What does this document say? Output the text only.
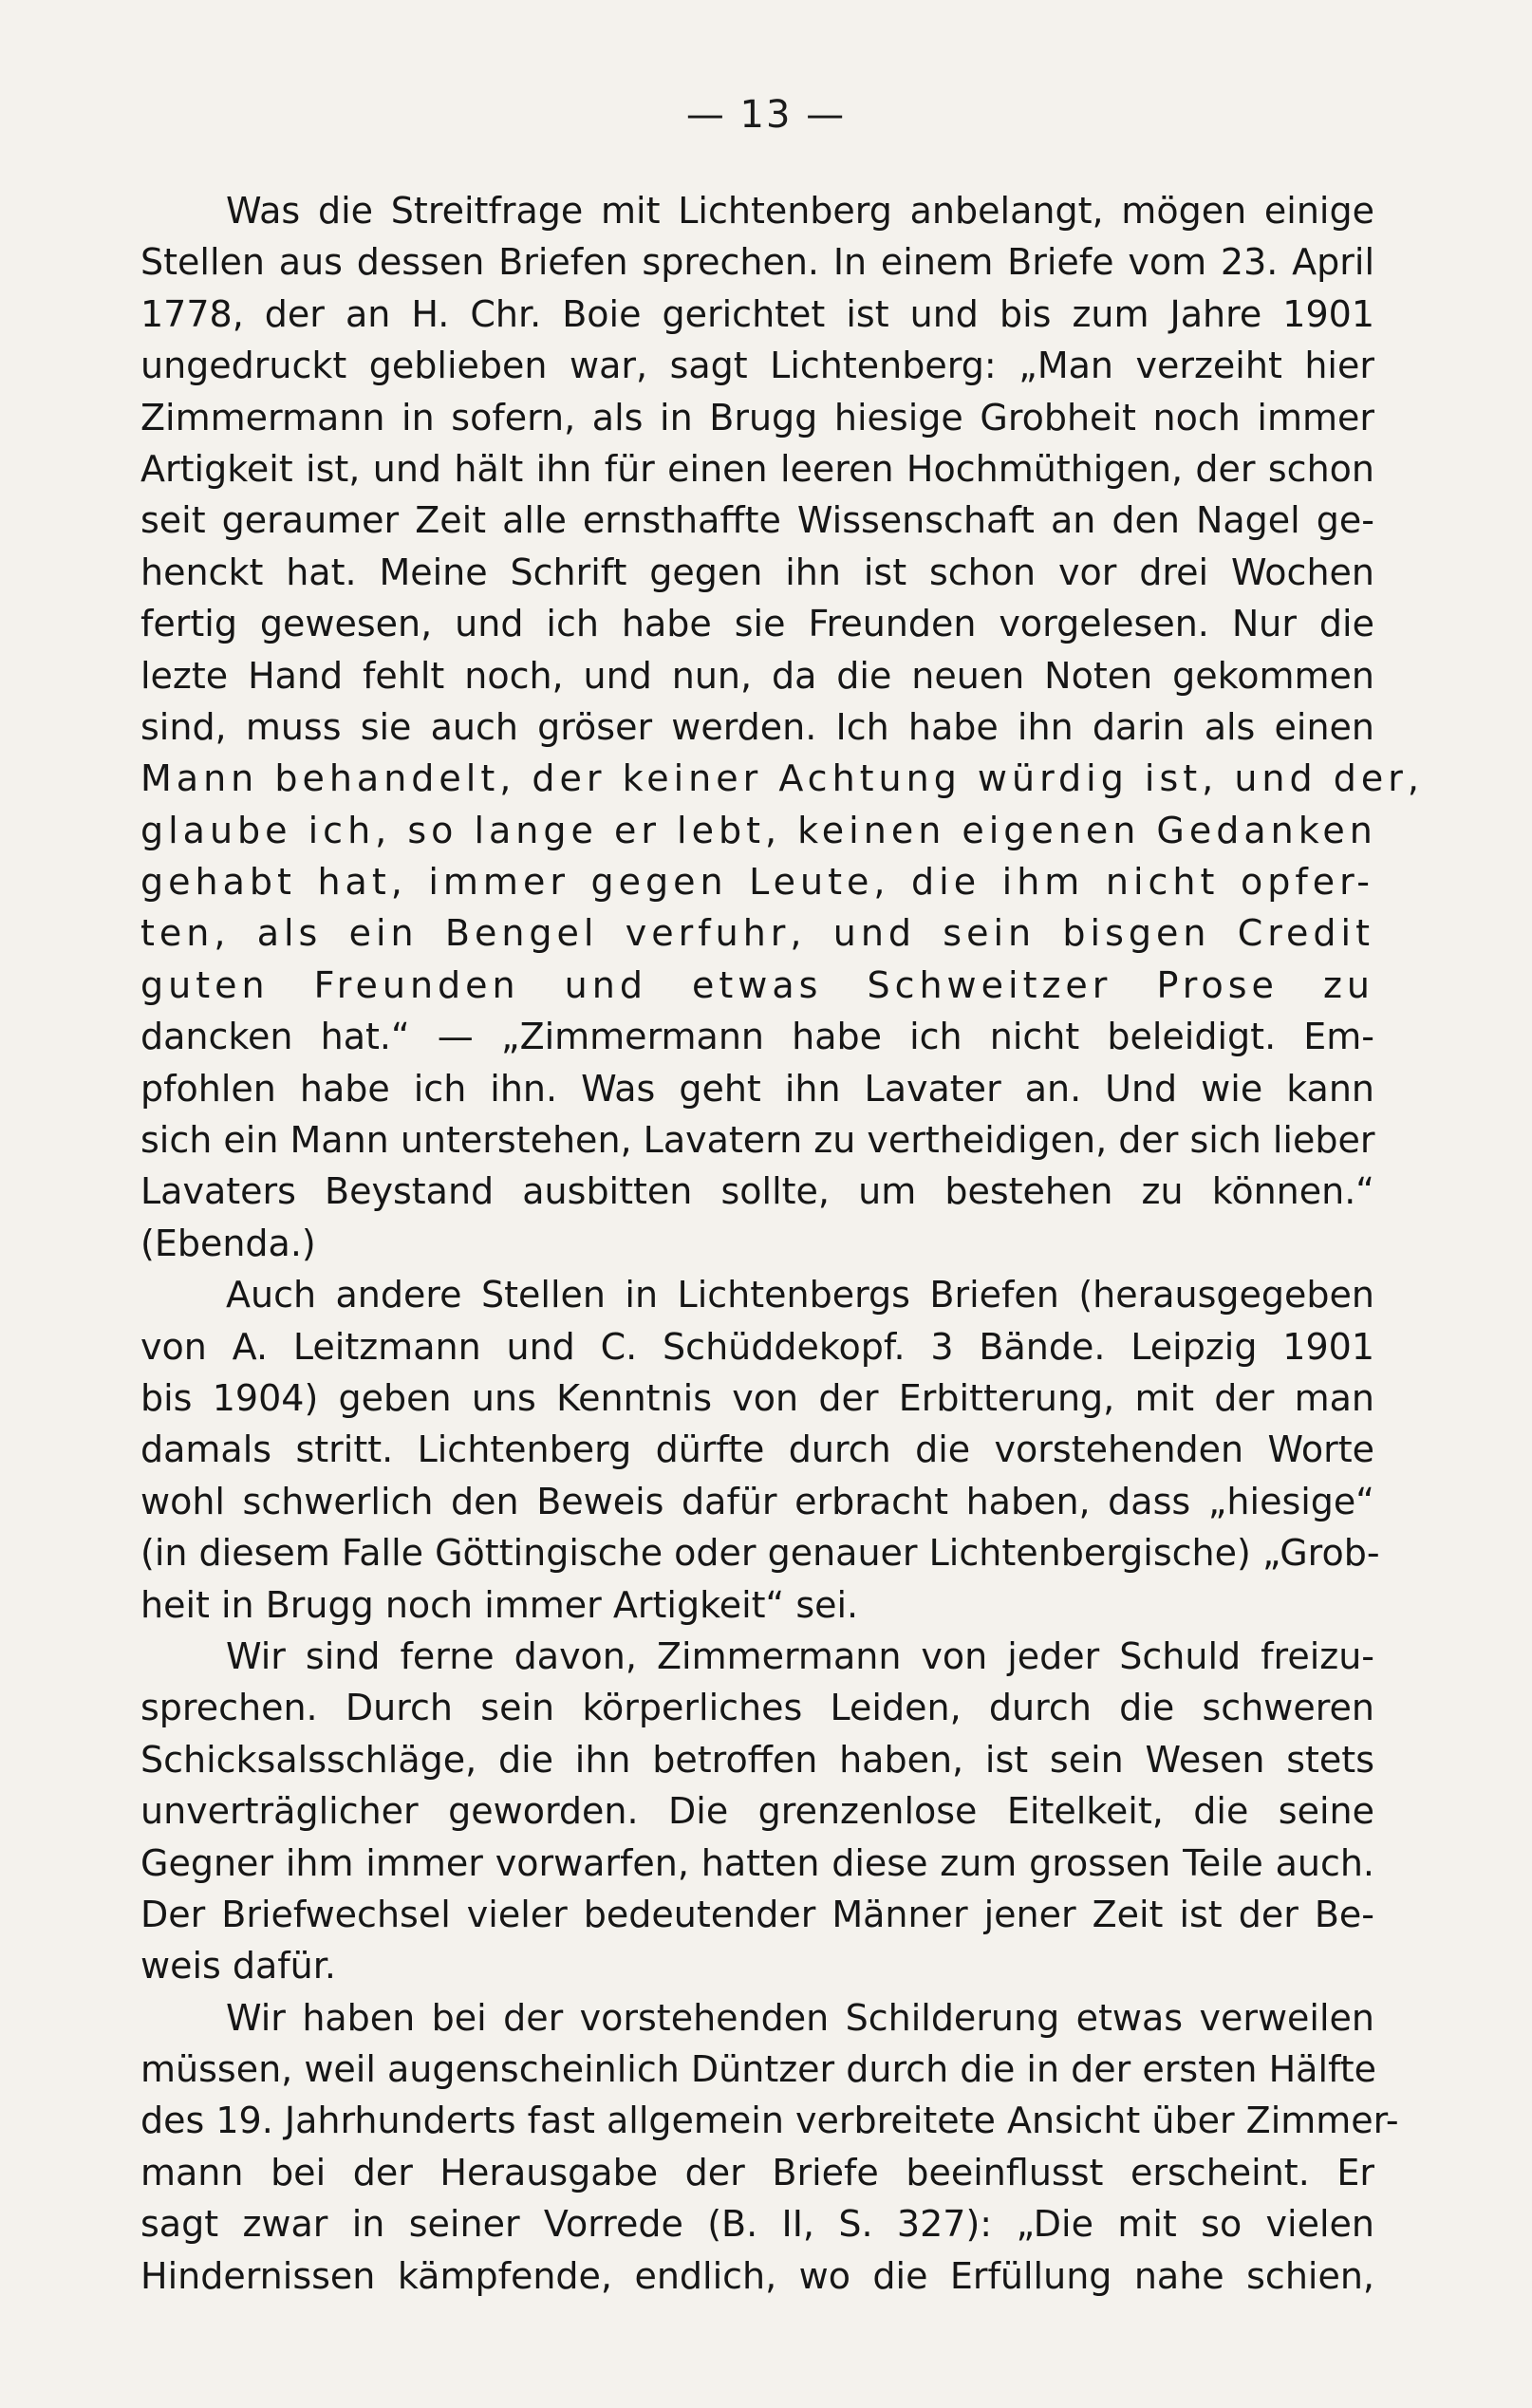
— 13 —
Was die Streitfrage mit Lichtenberg anbelangt, mögen einige
Stellen aus dessen Briefen sprechen. In einem Briefe vom 23. April
1778, der an H. Chr. Boie gerichtet ist und bis zum Jahre 1901
ungedruckt geblieben war, sagt Lichtenberg: „Man verzeiht hier
Zimmermann in sofern, als in Brugg hiesige Grobheit noch immer
Artigkeit ist, und hält ihn für einen leeren Hochmüthigen, der schon
seit geraumer Zeit alle ernsthaffte Wissenschaft an den Nagel ge-
henckt hat. Meine Schrift gegen ihn ist schon vor drei Wochen
fertig gewesen, und ich habe sie Freunden vorgelesen. Nur die
lezte Hand fehlt noch, und nun, da die neuen Noten gekommen
sind, muss sie auch gröser werden. Ich habe ihn darin als einen
Mann behandelt, der keiner Achtung würdig ist, und der,
glaube ich, so lange er lebt, keinen eigenen Gedanken
gehabt hat, immer gegen Leute, die ihm nicht opfer-
ten, als ein Bengel verfuhr, und sein bisgen Credit
guten Freunden und etwas Schweitzer Prose zu
dancken hat.“ — „Zimmermann habe ich nicht beleidigt. Em-
pfohlen habe ich ihn. Was geht ihn Lavater an. Und wie kann
sich ein Mann unterstehen, Lavatern zu vertheidigen, der sich lieber
Lavaters Beystand ausbitten sollte, um bestehen zu können.“
(Ebenda.)
Auch andere Stellen in Lichtenbergs Briefen (herausgegeben
von A. Leitzmann und C. Schüddekopf. 3 Bände. Leipzig 1901
bis 1904) geben uns Kenntnis von der Erbitterung, mit der man
damals stritt. Lichtenberg dürfte durch die vorstehenden Worte
wohl schwerlich den Beweis dafür erbracht haben, dass „hiesige“
(in diesem Falle Göttingische oder genauer Lichtenbergische) „Grob-
heit in Brugg noch immer Artigkeit“ sei.
Wir sind ferne davon, Zimmermann von jeder Schuld freizu-
sprechen. Durch sein körperliches Leiden, durch die schweren
Schicksalsschläge, die ihn betroffen haben, ist sein Wesen stets
unverträglicher geworden. Die grenzenlose Eitelkeit, die seine
Gegner ihm immer vorwarfen, hatten diese zum grossen Teile auch.
Der Briefwechsel vieler bedeutender Männer jener Zeit ist der Be-
weis dafür.
Wir haben bei der vorstehenden Schilderung etwas verweilen
müssen, weil augenscheinlich Düntzer durch die in der ersten Hälfte
des 19. Jahrhunderts fast allgemein verbreitete Ansicht über Zimmer-
mann bei der Herausgabe der Briefe beeinflusst erscheint. Er
sagt zwar in seiner Vorrede (B. II, S. 327): „Die mit so vielen
Hindernissen kämpfende, endlich, wo die Erfüllung nahe schien,
